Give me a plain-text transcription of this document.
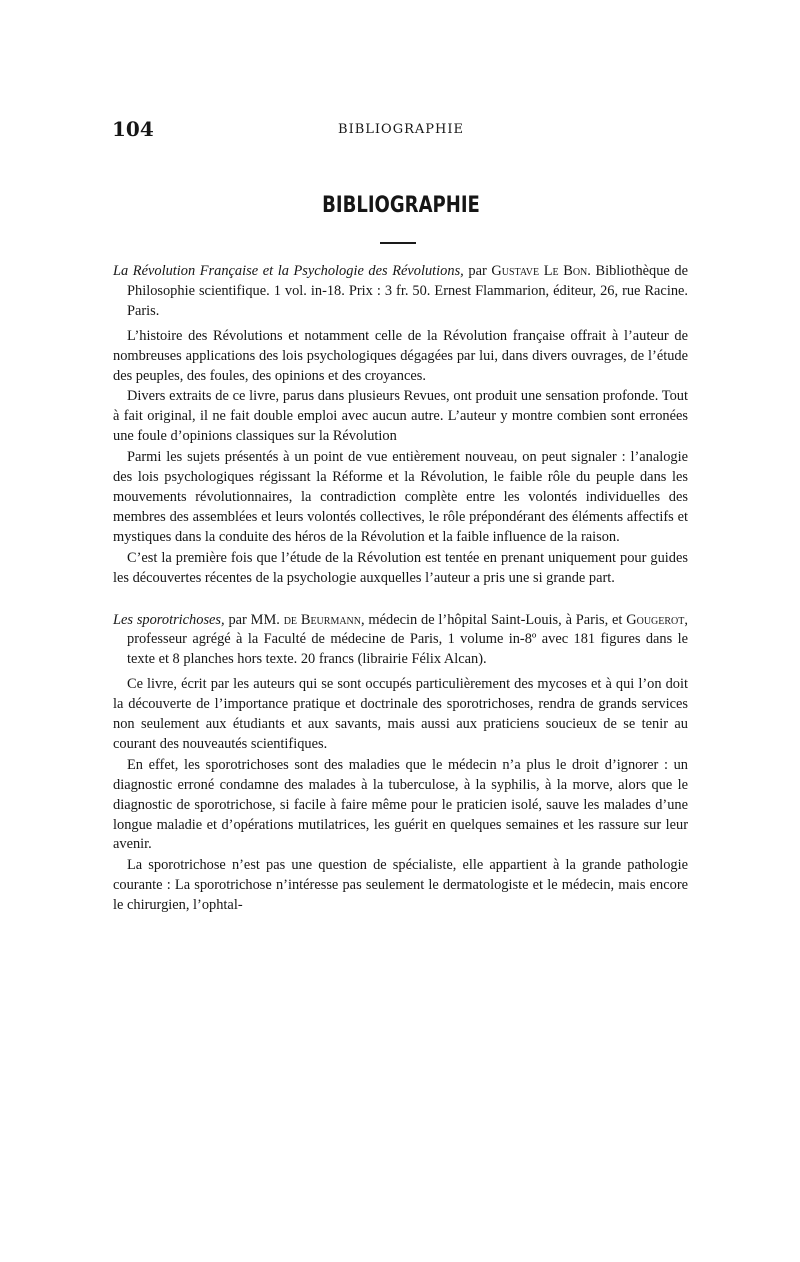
104	BIBLIOGRAPHIE
BIBLIOGRAPHIE

La Révolution Française et la Psychologie des Révolutions, par Gustave Le Bon. Bibliothèque de Philosophie scientifique. 1 vol. in-18. Prix : 3 fr. 50. Ernest Flammarion, éditeur, 26, rue Racine. Paris.

L’histoire des Révolutions et notamment celle de la Révolution française offrait à l’auteur de nombreuses applications des lois psychologiques dégagées par lui, dans divers ouvrages, de l’étude des peuples, des foules, des opinions et des croyances.

Divers extraits de ce livre, parus dans plusieurs Revues, ont produit une sensation profonde. Tout à fait original, il ne fait double emploi avec aucun autre. L’auteur y montre combien sont erronées une foule d’opinions classiques sur la Révolution

Parmi les sujets présentés à un point de vue entièrement nouveau, on peut signaler : l’analogie des lois psychologiques régissant la Réforme et la Révolution, le faible rôle du peuple dans les mouvements révolutionnaires, la contradiction complète entre les volontés individuelles des membres des assemblées et leurs volontés collectives, le rôle prépondérant des éléments affectifs et mystiques dans la conduite des héros de la Révolution et la faible influence de la raison.

C’est la première fois que l’étude de la Révolution est tentée en prenant uniquement pour guides les découvertes récentes de la psychologie auxquelles l’auteur a pris une si grande part.

Les sporotrichoses, par MM. de Beurmann, médecin de l’hôpital Saint-Louis, à Paris, et Gougerot, professeur agrégé à la Faculté de médecine de Paris, 1 volume in-8º avec 181 figures dans le texte et 8 planches hors texte. 20 francs (librairie Félix Alcan).

Ce livre, écrit par les auteurs qui se sont occupés particulièrement des mycoses et à qui l’on doit la découverte de l’importance pratique et doctrinale des sporotrichoses, rendra de grands services non seulement aux étudiants et aux savants, mais aussi aux praticiens soucieux de se tenir au courant des nouveautés scientifiques.

En effet, les sporotrichoses sont des maladies que le médecin n’a plus le droit d’ignorer : un diagnostic erroné condamne des malades à la tuberculose, à la syphilis, à la morve, alors que le diagnostic de sporotrichose, si facile à faire même pour le praticien isolé, sauve les malades d’une longue maladie et d’opérations mutilatrices, les guérit en quelques semaines et les rassure sur leur avenir.

La sporotrichose n’est pas une question de spécialiste, elle appartient à la grande pathologie courante : La sporotrichose n’intéresse pas seulement le dermatologiste et le médecin, mais encore le chirurgien, l’ophtal-
